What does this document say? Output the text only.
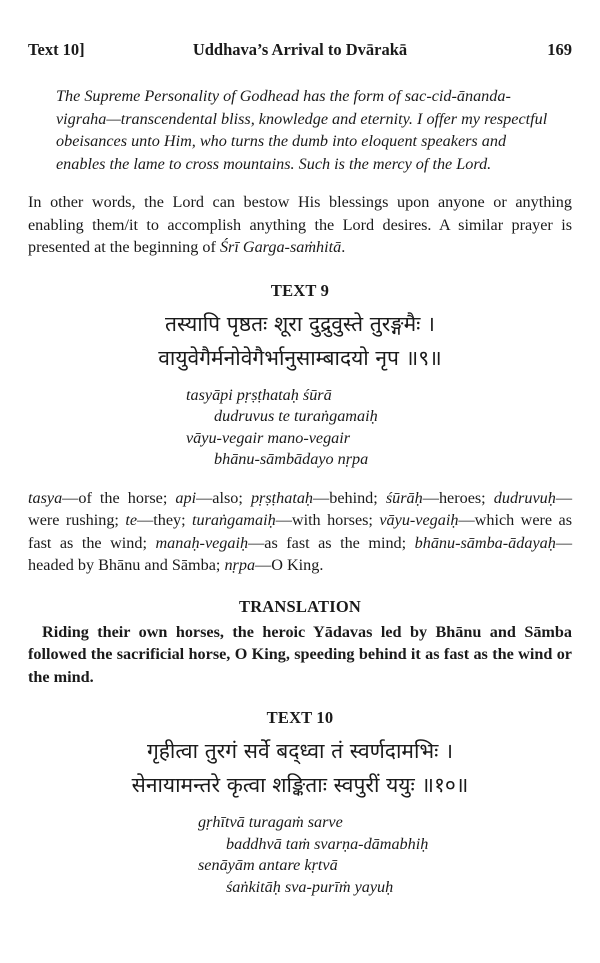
Text 10]	Uddhava’s Arrival to Dvārakā	169
The Supreme Personality of Godhead has the form of sac-cid-ānanda-vigraha—transcendental bliss, knowledge and eternity. I offer my respectful obeisances unto Him, who turns the dumb into eloquent speakers and enables the lame to cross mountains. Such is the mercy of the Lord.
In other words, the Lord can bestow His blessings upon anyone or anything enabling them/it to accomplish anything the Lord desires. A similar prayer is presented at the beginning of Śrī Garga-saṁhitā.
TEXT 9
तस्यापि पृष्ठतः शूरा दुद्रुवुस्ते तुरङ्गमैः ।
वायुवेगैर्मनोवेगैर्भानुसाम्बादयो नृप ॥९॥
tasyāpi pṛṣṭhataḥ śūrā
dudruvus te turaṅgamaiḥ
vāyu-vegair mano-vegair
bhānu-sāmbādayo nṛpa
tasya—of the horse; api—also; pṛṣṭhataḥ—behind; śūrāḥ—heroes; dudruvuḥ—were rushing; te—they; turaṅgamaiḥ—with horses; vāyu-vegaiḥ—which were as fast as the wind; manaḥ-vegaiḥ—as fast as the mind; bhānu-sāmba-ādayaḥ—headed by Bhānu and Sāmba; nṛpa—O King.
TRANSLATION
Riding their own horses, the heroic Yādavas led by Bhānu and Sāmba followed the sacrificial horse, O King, speeding behind it as fast as the wind or the mind.
TEXT 10
गृहीत्वा तुरगं सर्वे बद्ध्वा तं स्वर्णदामभिः ।
सेनायामन्तरे कृत्वा शङ्किताः स्वपुरीं ययुः ॥१०॥
gṛhītvā turagaṁ sarve
baddhvā taṁ svarṇa-dāmabhiḥ
senāyām antare kṛtvā
śaṅkitāḥ sva-purīṁ yayuḥ
